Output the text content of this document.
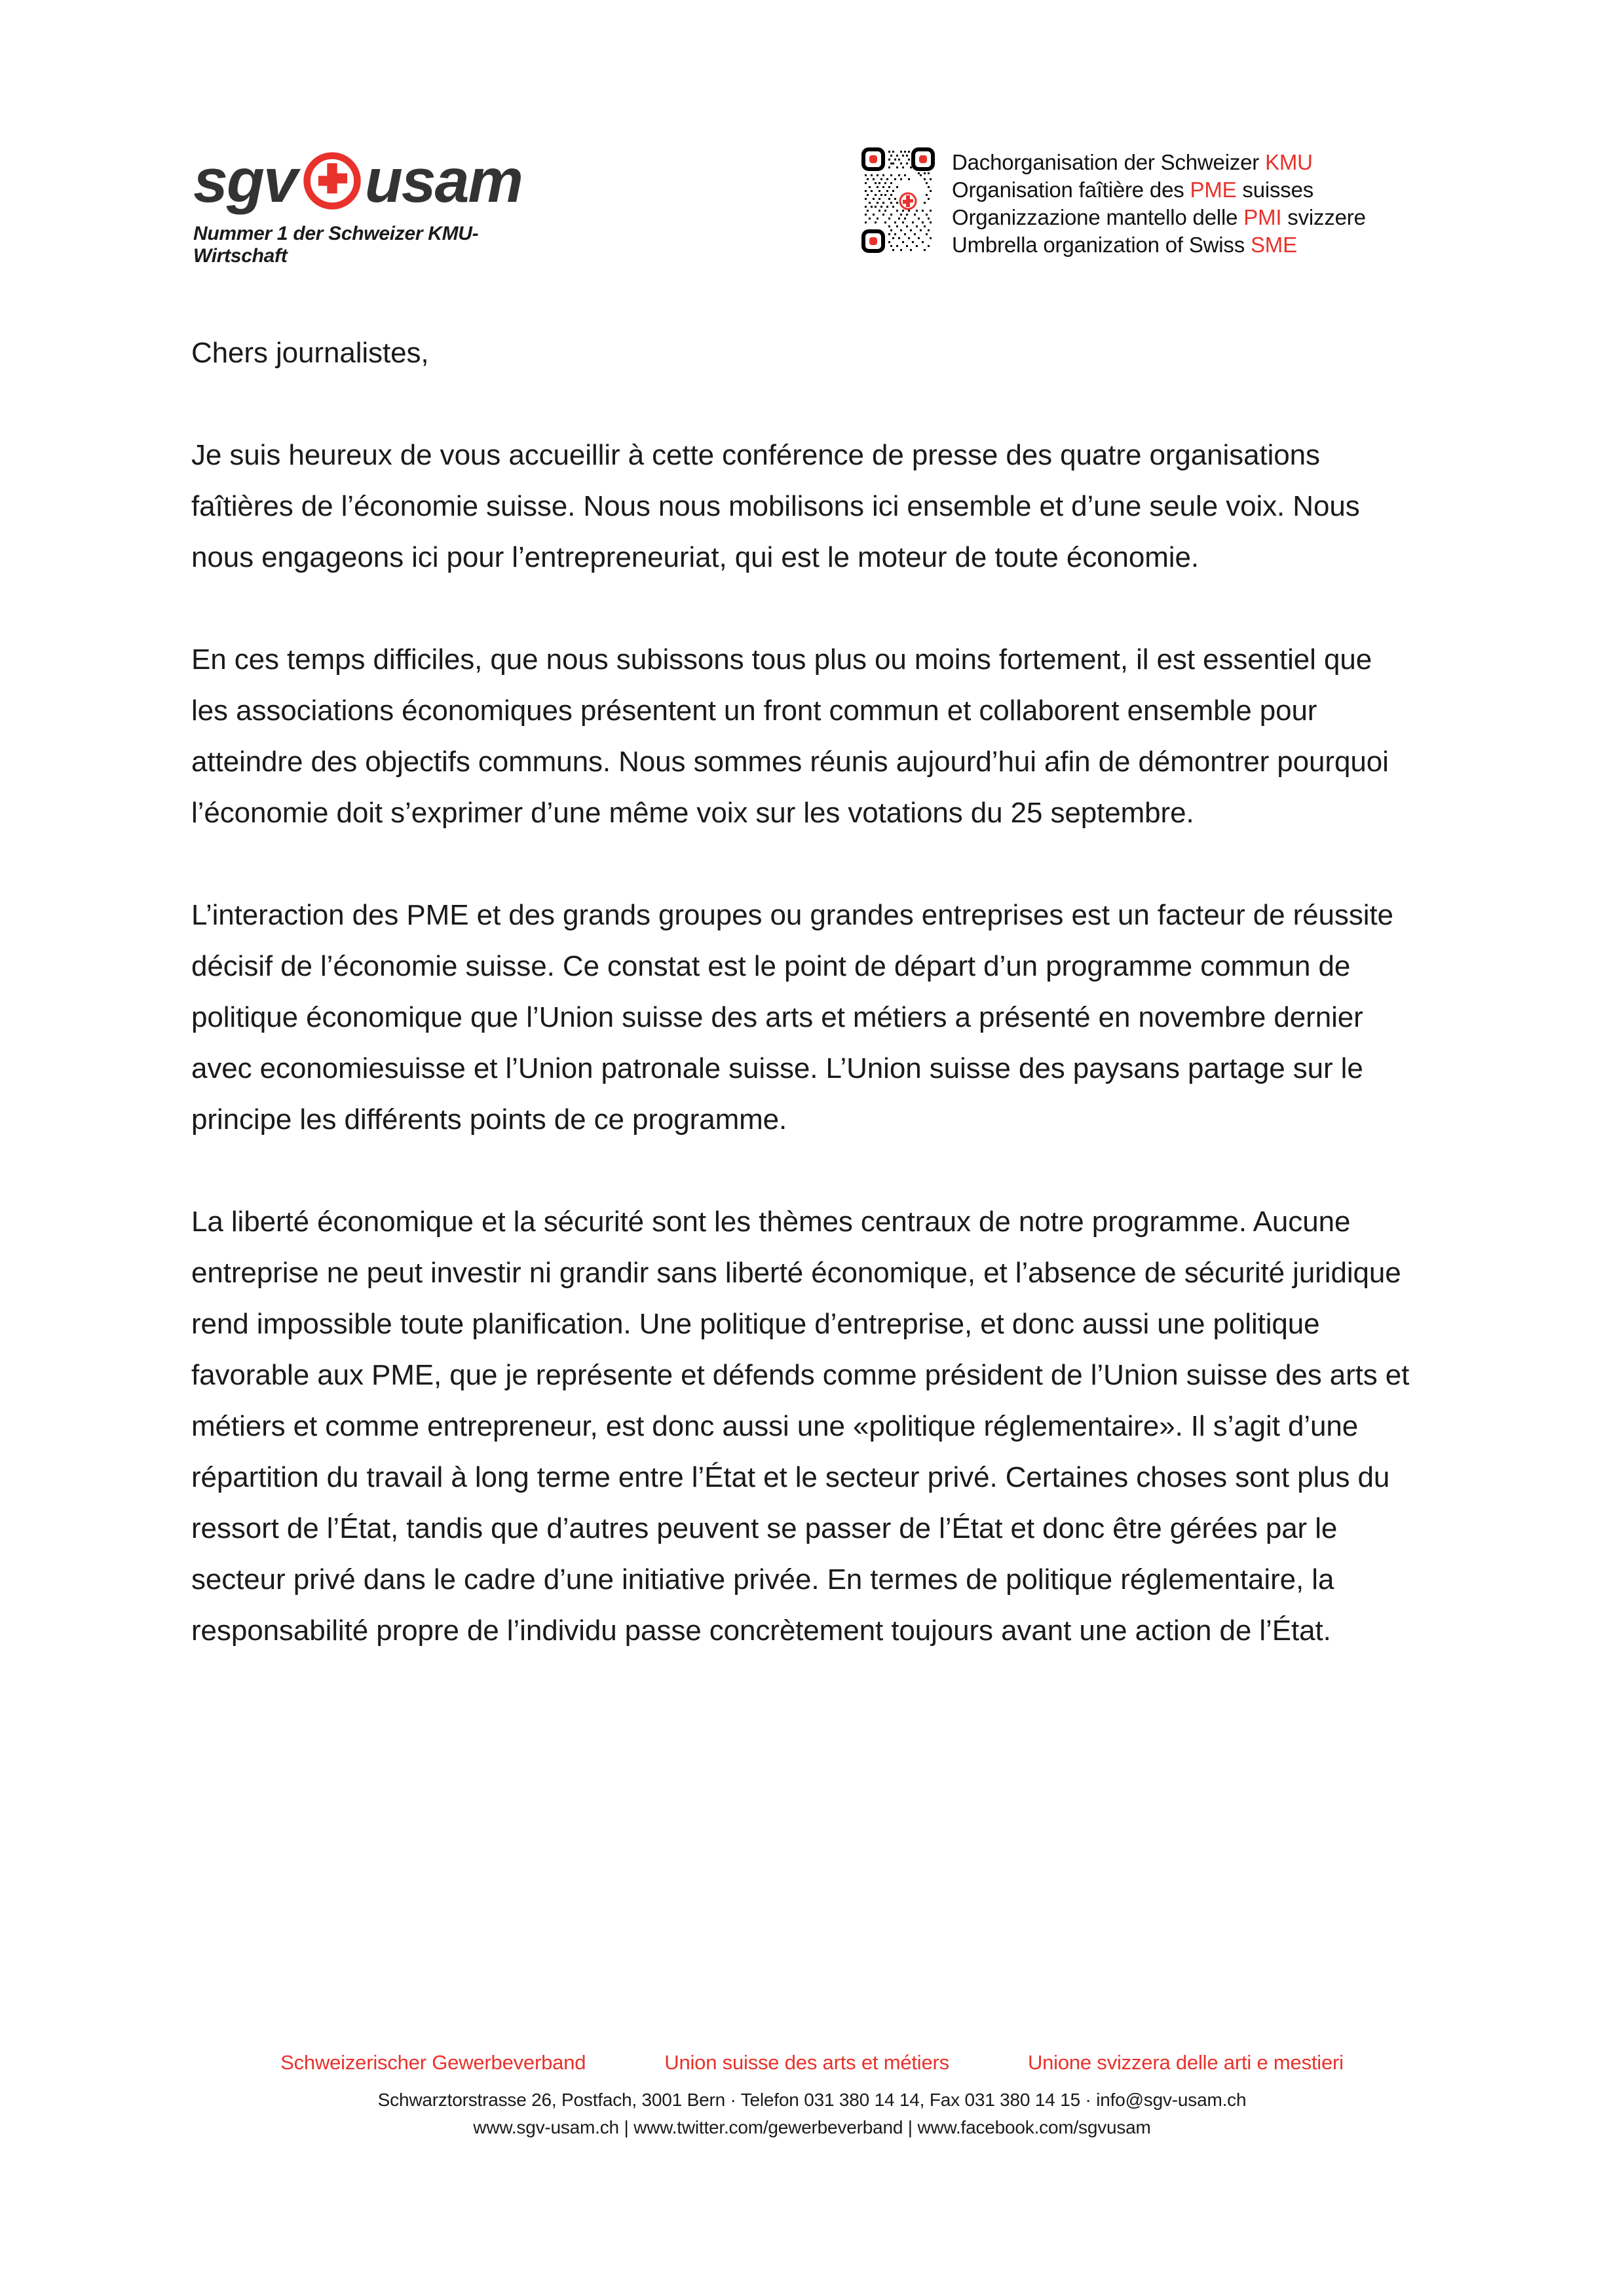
sgv usam
Nummer 1 der Schweizer KMU-Wirtschaft
Dachorganisation der Schweizer KMU
Organisation faîtière des PME suisses
Organizzazione mantello delle PMI svizzere
Umbrella organization of Swiss SME

Chers journalistes,

Je suis heureux de vous accueillir à cette conférence de presse des quatre organisations faîtières de l’économie suisse. Nous nous mobilisons ici ensemble et d’une seule voix. Nous nous engageons ici pour l’entrepreneuriat, qui est le moteur de toute économie.

En ces temps difficiles, que nous subissons tous plus ou moins fortement, il est essentiel que les associations économiques présentent un front commun et collaborent ensemble pour atteindre des objectifs communs. Nous sommes réunis aujourd’hui afin de démontrer pourquoi l’économie doit s’exprimer d’une même voix sur les votations du 25 septembre.

L’interaction des PME et des grands groupes ou grandes entreprises est un facteur de réussite décisif de l’économie suisse. Ce constat est le point de départ d’un programme commun de politique économique que l’Union suisse des arts et métiers a présenté en novembre dernier avec economiesuisse et l’Union patronale suisse. L’Union suisse des paysans partage sur le principe les différents points de ce programme.

La liberté économique et la sécurité sont les thèmes centraux de notre programme. Aucune entreprise ne peut investir ni grandir sans liberté économique, et l’absence de sécurité juridique rend impossible toute planification. Une politique d’entreprise, et donc aussi une politique favorable aux PME, que je représente et défends comme président de l’Union suisse des arts et métiers et comme entrepreneur, est donc aussi une «politique réglementaire». Il s’agit d’une répartition du travail à long terme entre l’État et le secteur privé. Certaines choses sont plus du ressort de l’État, tandis que d’autres peuvent se passer de l’État et donc être gérées par le secteur privé dans le cadre d’une initiative privée. En termes de politique réglementaire, la responsabilité propre de l’individu passe concrètement toujours avant une action de l’État.

Schweizerischer Gewerbeverband	Union suisse des arts et métiers	Unione svizzera delle arti e mestieri
Schwarztorstrasse 26, Postfach, 3001 Bern · Telefon 031 380 14 14, Fax 031 380 14 15 · info@sgv-usam.ch
www.sgv-usam.ch | www.twitter.com/gewerbeverband | www.facebook.com/sgvusam
